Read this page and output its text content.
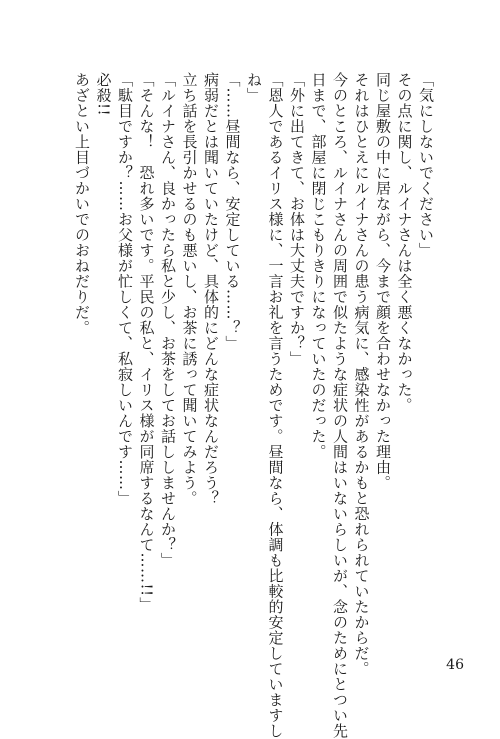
「気にしないでください」
その点に関し、ルイナさんは全く悪くなかった。
同じ屋敷の中に居ながら、今まで顔を合わせなかった理由。
それはひとえにルイナさんの患う病気に、感染性があるかもと恐れられていたからだ。
今のところ、ルイナさんの周囲で似たような症状の人間はいないらしいが、念のためにとつい先
日まで、部屋に閉じこもりきりになっていたのだった。
「外に出てきて、お体は大丈夫ですか？」
「恩人であるイリス様に、一言お礼を言うためです。昼間なら、体調も比較的安定していますし
ね」
「……昼間なら、安定している……？」
病弱だとは聞いていたけど、具体的にどんな症状なんだろう？
立ち話を長引かせるのも悪いし、お茶に誘って聞いてみよう。
「ルイナさん、良かったら私と少し、お茶をしてお話ししませんか？」
「そんな！　恐れ多いです。平民の私と、イリス様が同席するなんて……!!」
「駄目ですか？……お父様が忙しくて、私寂しいんです……」
必殺!!
あざとい上目づかいでのおねだりだ。
46
